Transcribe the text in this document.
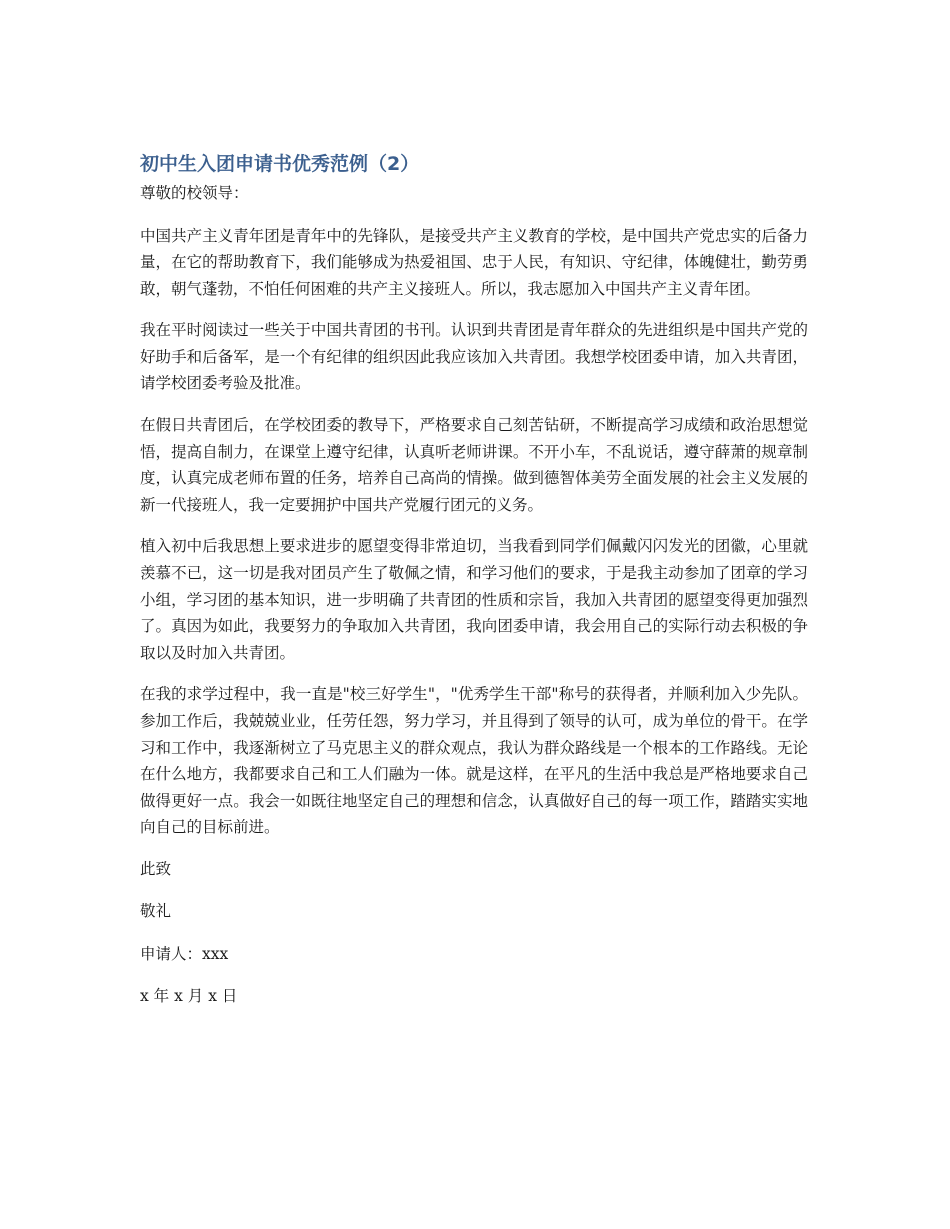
初中生入团申请书优秀范例（2）

尊敬的校领导：

中国共产主义青年团是青年中的先锋队，是接受共产主义教育的学校，是中国共产党忠实的后备力量，在它的帮助教育下，我们能够成为热爱祖国、忠于人民，有知识、守纪律，体魄健壮，勤劳勇敢，朝气蓬勃，不怕任何困难的共产主义接班人。所以，我志愿加入中国共产主义青年团。

我在平时阅读过一些关于中国共青团的书刊。认识到共青团是青年群众的先进组织是中国共产党的好助手和后备军，是一个有纪律的组织因此我应该加入共青团。我想学校团委申请，加入共青团，请学校团委考验及批准。

在假日共青团后，在学校团委的教导下，严格要求自己刻苦钻研，不断提高学习成绩和政治思想觉悟，提高自制力，在课堂上遵守纪律，认真听老师讲课。不开小车，不乱说话，遵守薛萧的规章制度，认真完成老师布置的任务，培养自己高尚的情操。做到德智体美劳全面发展的社会主义发展的新一代接班人，我一定要拥护中国共产党履行团元的义务。

植入初中后我思想上要求进步的愿望变得非常迫切，当我看到同学们佩戴闪闪发光的团徽，心里就羡慕不已，这一切是我对团员产生了敬佩之情，和学习他们的要求，于是我主动参加了团章的学习小组，学习团的基本知识，进一步明确了共青团的性质和宗旨，我加入共青团的愿望变得更加强烈了。真因为如此，我要努力的争取加入共青团，我向团委申请，我会用自己的实际行动去积极的争取以及时加入共青团。

在我的求学过程中，我一直是"校三好学生"，"优秀学生干部"称号的获得者，并顺利加入少先队。参加工作后，我兢兢业业，任劳任怨，努力学习，并且得到了领导的认可，成为单位的骨干。在学习和工作中，我逐渐树立了马克思主义的群众观点，我认为群众路线是一个根本的工作路线。无论在什么地方，我都要求自己和工人们融为一体。就是这样，在平凡的生活中我总是严格地要求自己做得更好一点。我会一如既往地坚定自己的理想和信念，认真做好自己的每一项工作，踏踏实实地向自己的目标前进。

此致

敬礼

申请人：xxx

x 年 x 月 x 日
